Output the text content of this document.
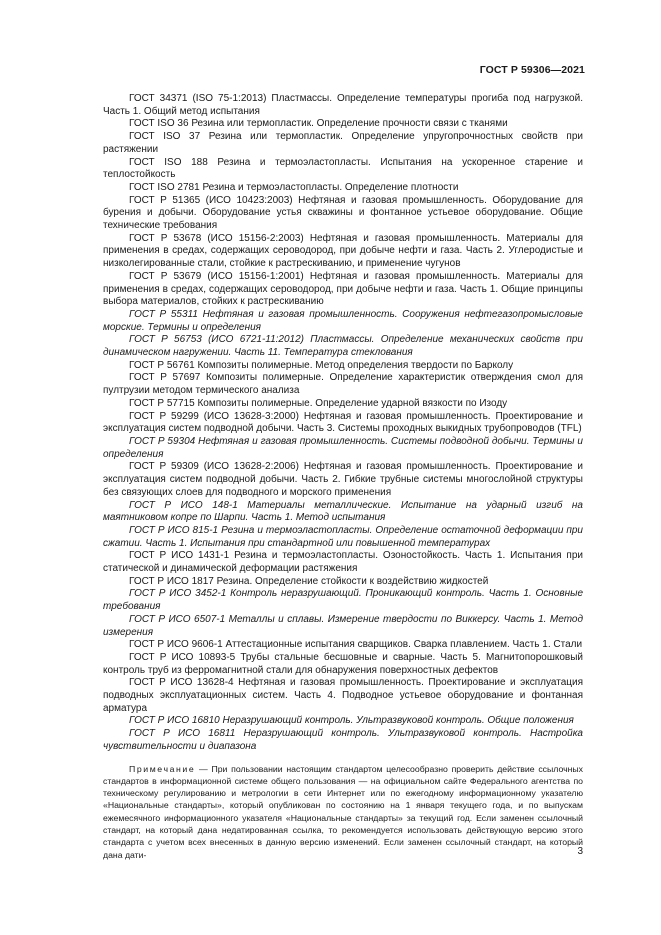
ГОСТ Р 59306—2021

ГОСТ 34371 (ISO 75-1:2013) Пластмассы. Определение температуры прогиба под нагрузкой. Часть 1. Общий метод испытания

ГОСТ ISO 36 Резина или термопластик. Определение прочности связи с тканями

ГОСТ ISO 37 Резина или термопластик. Определение упругопрочностных свойств при растяжении

ГОСТ ISO 188 Резина и термоэластопласты. Испытания на ускоренное старение и теплостойкость

ГОСТ ISO 2781 Резина и термоэластопласты. Определение плотности

ГОСТ Р 51365 (ИСО 10423:2003) Нефтяная и газовая промышленность. Оборудование для бурения и добычи. Оборудование устья скважины и фонтанное устьевое оборудование. Общие технические требования

ГОСТ Р 53678 (ИСО 15156-2:2003) Нефтяная и газовая промышленность. Материалы для применения в средах, содержащих сероводород, при добыче нефти и газа. Часть 2. Углеродистые и низколегированные стали, стойкие к растрескиванию, и применение чугунов

ГОСТ Р 53679 (ИСО 15156-1:2001) Нефтяная и газовая промышленность. Материалы для применения в средах, содержащих сероводород, при добыче нефти и газа. Часть 1. Общие принципы выбора материалов, стойких к растрескиванию

ГОСТ Р 55311 Нефтяная и газовая промышленность. Сооружения нефтегазопромысловые морские. Термины и определения

ГОСТ Р 56753 (ИСО 6721-11:2012) Пластмассы. Определение механических свойств при динамическом нагружении. Часть 11. Температура стеклования

ГОСТ Р 56761 Композиты полимерные. Метод определения твердости по Барколу

ГОСТ Р 57697 Композиты полимерные. Определение характеристик отверждения смол для пултрузии методом термического анализа

ГОСТ Р 57715 Композиты полимерные. Определение ударной вязкости по Изоду

ГОСТ Р 59299 (ИСО 13628-3:2000) Нефтяная и газовая промышленность. Проектирование и эксплуатация систем подводной добычи. Часть 3. Системы проходных выкидных трубопроводов (TFL)

ГОСТ Р 59304 Нефтяная и газовая промышленность. Системы подводной добычи. Термины и определения

ГОСТ Р 59309 (ИСО 13628-2:2006) Нефтяная и газовая промышленность. Проектирование и эксплуатация систем подводной добычи. Часть 2. Гибкие трубные системы многослойной структуры без связующих слоев для подводного и морского применения

ГОСТ Р ИСО 148-1 Материалы металлические. Испытание на ударный изгиб на маятниковом копре по Шарпи. Часть 1. Метод испытания

ГОСТ Р ИСО 815-1 Резина и термоэластопласты. Определение остаточной деформации при сжатии. Часть 1. Испытания при стандартной или повышенной температурах

ГОСТ Р ИСО 1431-1 Резина и термоэластопласты. Озоностойкость. Часть 1. Испытания при статической и динамической деформации растяжения

ГОСТ Р ИСО 1817 Резина. Определение стойкости к воздействию жидкостей

ГОСТ Р ИСО 3452-1 Контроль неразрушающий. Проникающий контроль. Часть 1. Основные требования

ГОСТ Р ИСО 6507-1 Металлы и сплавы. Измерение твердости по Виккерсу. Часть 1. Метод измерения

ГОСТ Р ИСО 9606-1 Аттестационные испытания сварщиков. Сварка плавлением. Часть 1. Стали

ГОСТ Р ИСО 10893-5 Трубы стальные бесшовные и сварные. Часть 5. Магнитопорошковый контроль труб из ферромагнитной стали для обнаружения поверхностных дефектов

ГОСТ Р ИСО 13628-4 Нефтяная и газовая промышленность. Проектирование и эксплуатация подводных эксплуатационных систем. Часть 4. Подводное устьевое оборудование и фонтанная арматура

ГОСТ Р ИСО 16810 Неразрушающий контроль. Ультразвуковой контроль. Общие положения

ГОСТ Р ИСО 16811 Неразрушающий контроль. Ультразвуковой контроль. Настройка чувствительности и диапазона

Примечание — При пользовании настоящим стандартом целесообразно проверить действие ссылочных стандартов в информационной системе общего пользования — на официальном сайте Федерального агентства по техническому регулированию и метрологии в сети Интернет или по ежегодному информационному указателю «Национальные стандарты», который опубликован по состоянию на 1 января текущего года, и по выпускам ежемесячного информационного указателя «Национальные стандарты» за текущий год. Если заменен ссылочный стандарт, на который дана недатированная ссылка, то рекомендуется использовать действующую версию этого стандарта с учетом всех внесенных в данную версию изменений. Если заменен ссылочный стандарт, на который дана дати-	3
